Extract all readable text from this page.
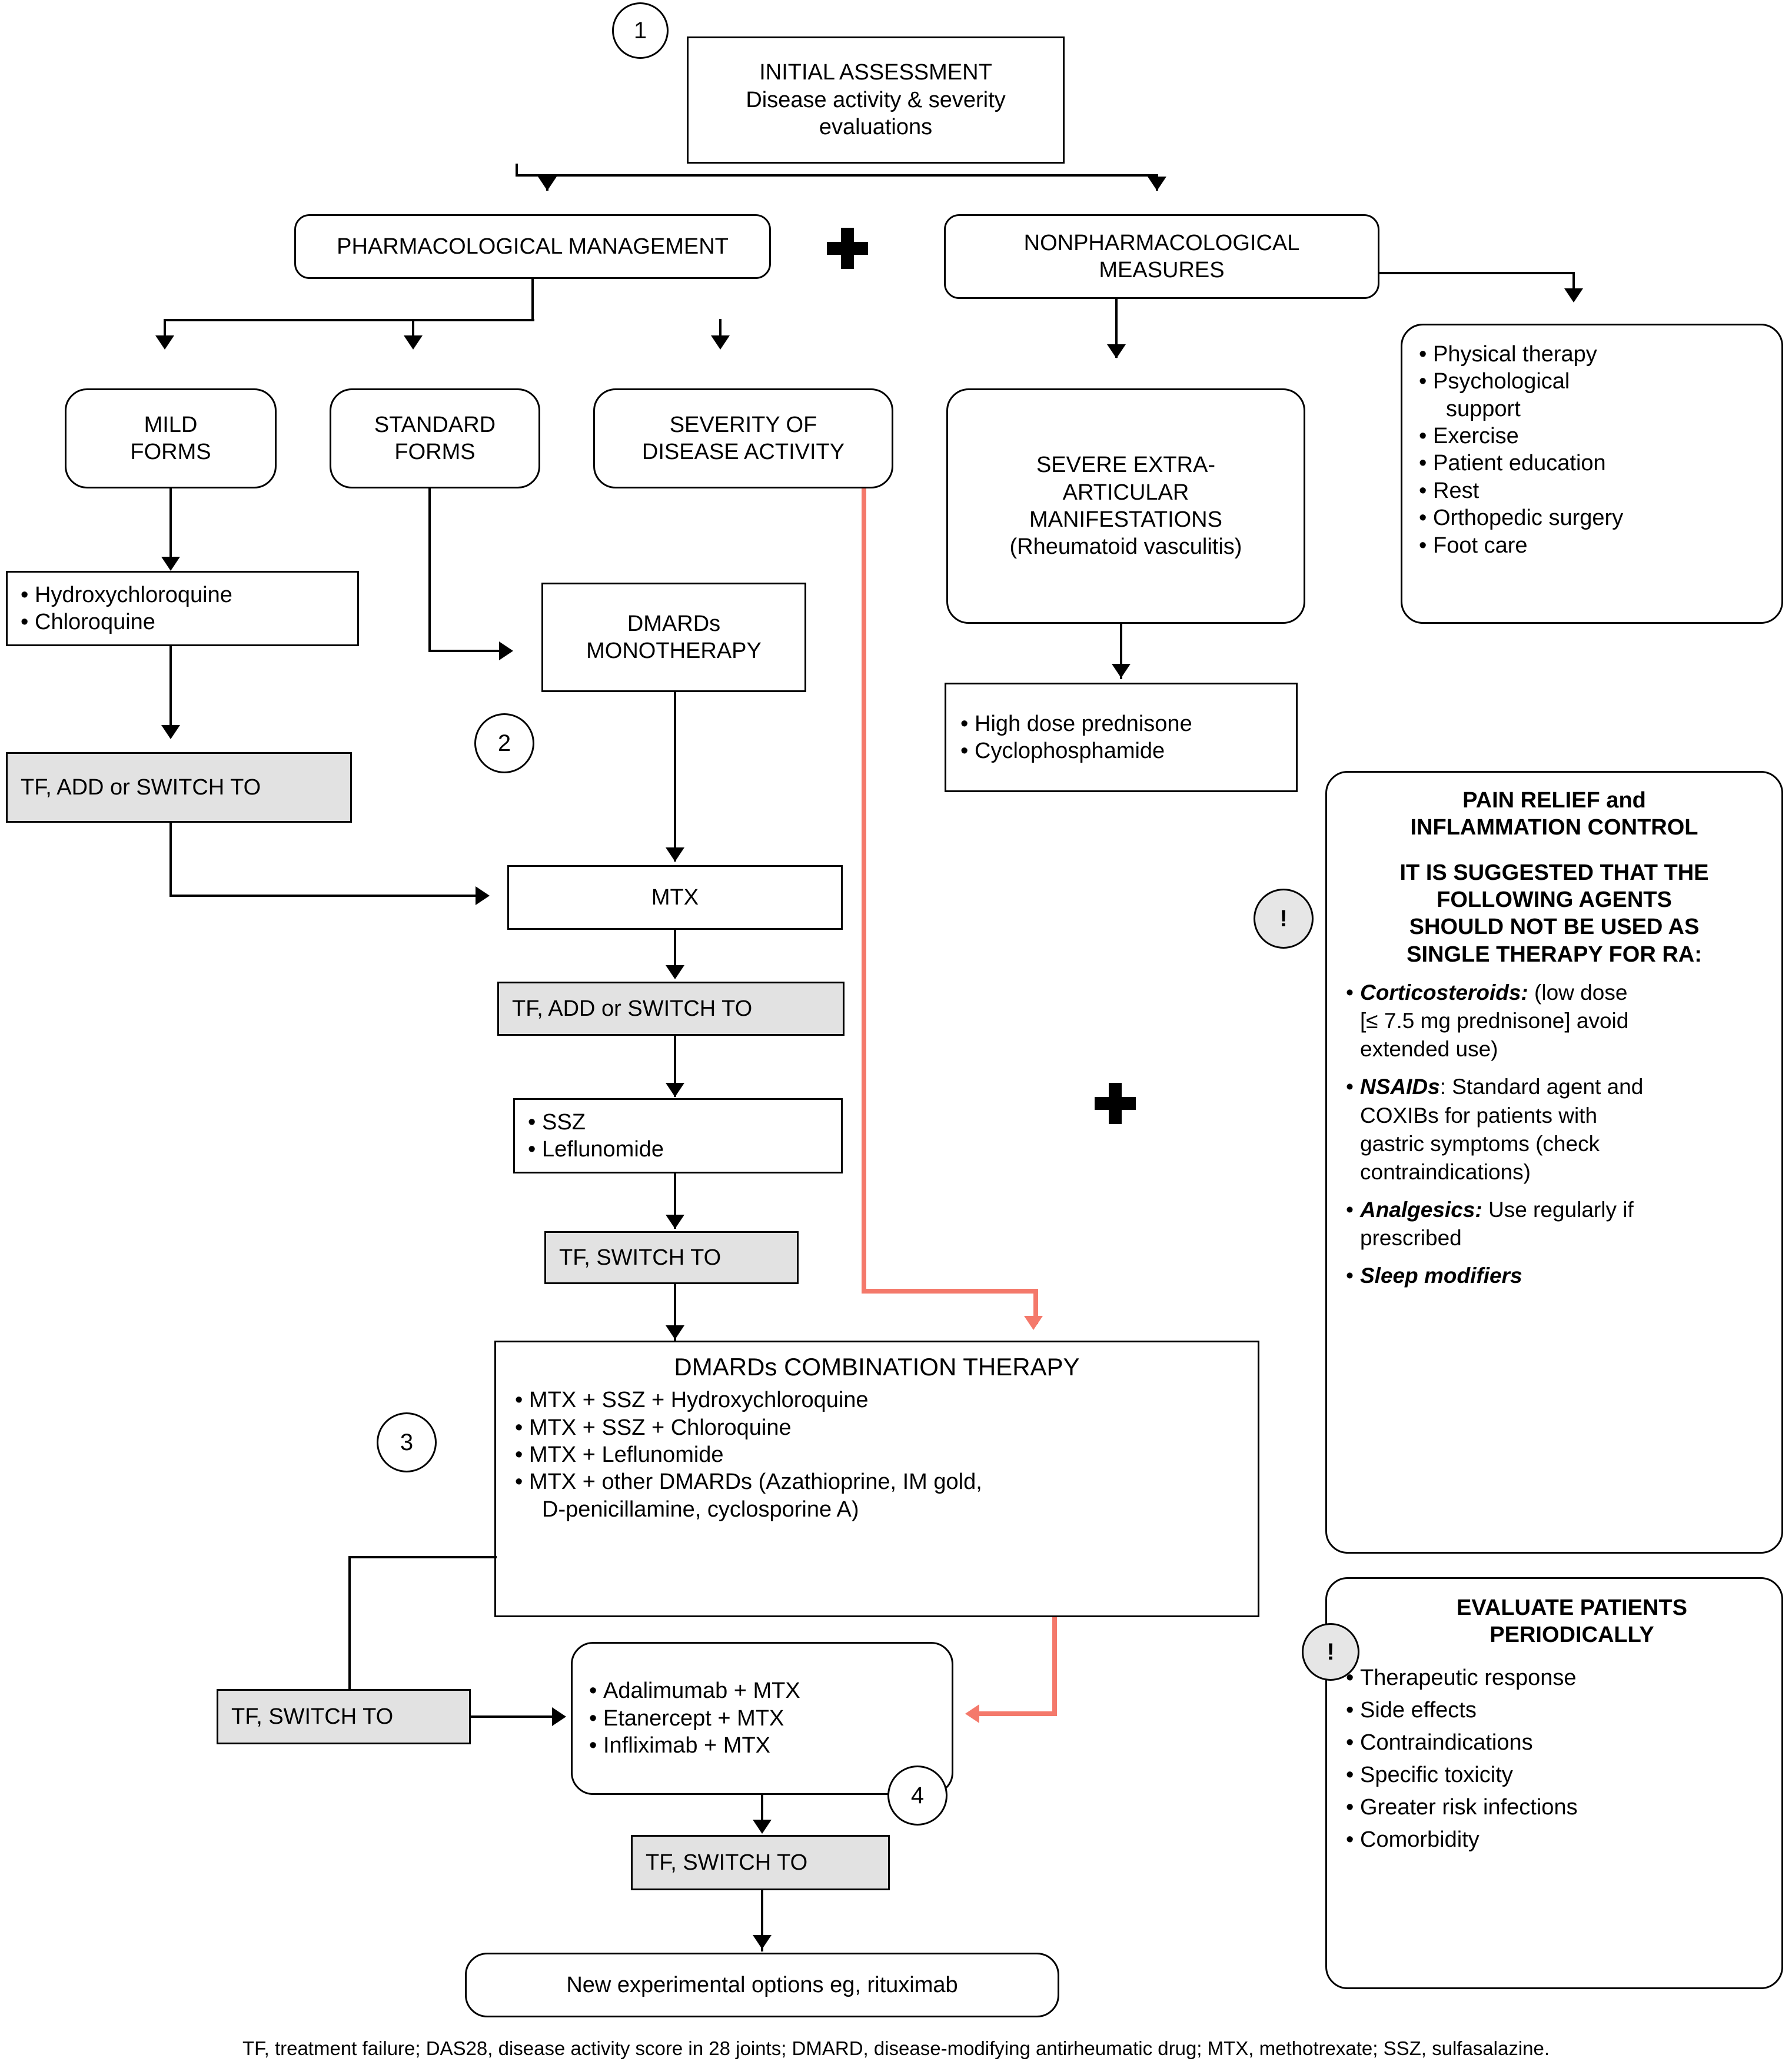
INITIAL ASSESSMENT
Disease activity & severity
evaluations
1
PHARMACOLOGICAL MANAGEMENT	NONPHARMACOLOGICAL
MEASURES
MILD
FORMS
STANDARD
FORMS
SEVERITY OF
DISEASE ACTIVITY
SEVERE EXTRA-
ARTICULAR
MANIFESTATIONS
(Rheumatoid vasculitis)
• Physical therapy
• Psychological
support
• Exercise
• Patient education
• Rest
• Orthopedic surgery
• Foot care
• Hydroxychloroquine
• Chloroquine
TF, ADD or SWITCH TO
DMARDs
MONOTHERAPY
2
MTX
TF, ADD or SWITCH TO
• SSZ
• Leflunomide
TF, SWITCH TO
• High dose prednisone
• Cyclophosphamide
DMARDs COMBINATION THERAPY
• MTX + SSZ + Hydroxychloroquine
• MTX + SSZ + Chloroquine
• MTX + Leflunomide
• MTX + other DMARDs (Azathioprine, IM gold,
D-penicillamine, cyclosporine A)
3
TF, SWITCH TO
• Adalimumab + MTX
• Etanercept + MTX
• Infliximab + MTX
4
TF, SWITCH TO
New experimental options eg, rituximab
PAIN RELIEF and
INFLAMMATION CONTROL
IT IS SUGGESTED THAT THE
FOLLOWING AGENTS
SHOULD NOT BE USED AS
SINGLE THERAPY FOR RA:
• Corticosteroids: (low dose
[≤ 7.5 mg prednisone] avoid
extended use)
• NSAIDs: Standard agent and
COXIBs for patients with
gastric symptoms (check
contraindications)
• Analgesics: Use regularly if
prescribed
• Sleep modifiers
!
EVALUATE PATIENTS
PERIODICALLY
• Therapeutic response
• Side effects
• Contraindications
• Specific toxicity
• Greater risk infections
• Comorbidity
!
TF, treatment failure; DAS28, disease activity score in 28 joints; DMARD, disease-modifying antirheumatic drug; MTX, methotrexate; SSZ, sulfasalazine.
